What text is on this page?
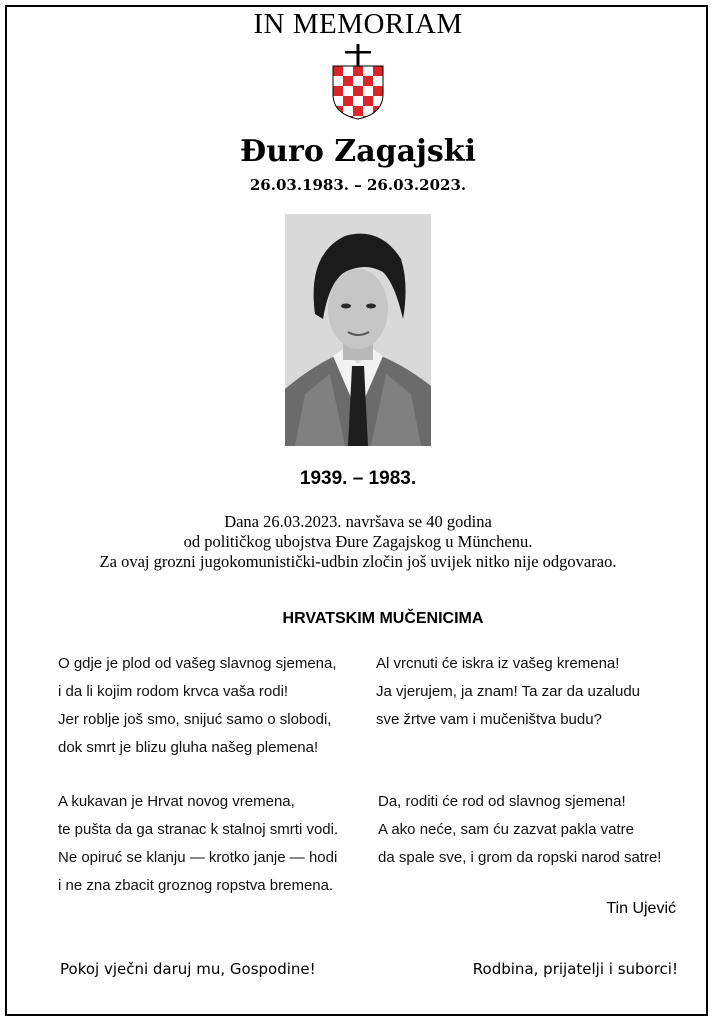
IN MEMORIAM
Đuro Zagajski
26.03.1983. – 26.03.2023.
1939. – 1983.
Dana 26.03.2023. navršava se 40 godina
od političkog ubojstva Đure Zagajskog u Münchenu.
Za ovaj grozni jugokomunistički-udbin zločin još uvijek nitko nije odgovarao.
HRVATSKIM MUČENICIMA
O gdje je plod od vašeg slavnog sjemena,
i da li kojim rodom krvca vaša rodi!
Jer roblje još smo, snijuć samo o slobodi,
dok smrt je blizu gluha našeg plemena!
Al vrcnuti će iskra iz vašeg kremena!
Ja vjerujem, ja znam! Ta zar da uzaludu
sve žrtve vam i mučeništva budu?
A kukavan je Hrvat novog vremena,
te pušta da ga stranac k stalnoj smrti vodi.
Ne opiruć se klanju — krotko janje — hodi
i ne zna zbacit groznog ropstva bremena.
Da, roditi će rod od slavnog sjemena!
A ako neće, sam ću zazvat pakla vatre
da spale sve, i grom da ropski narod satre!
Tin Ujević
Pokoj vječni daruj mu, Gospodine!	Rodbina, prijatelji i suborci!
